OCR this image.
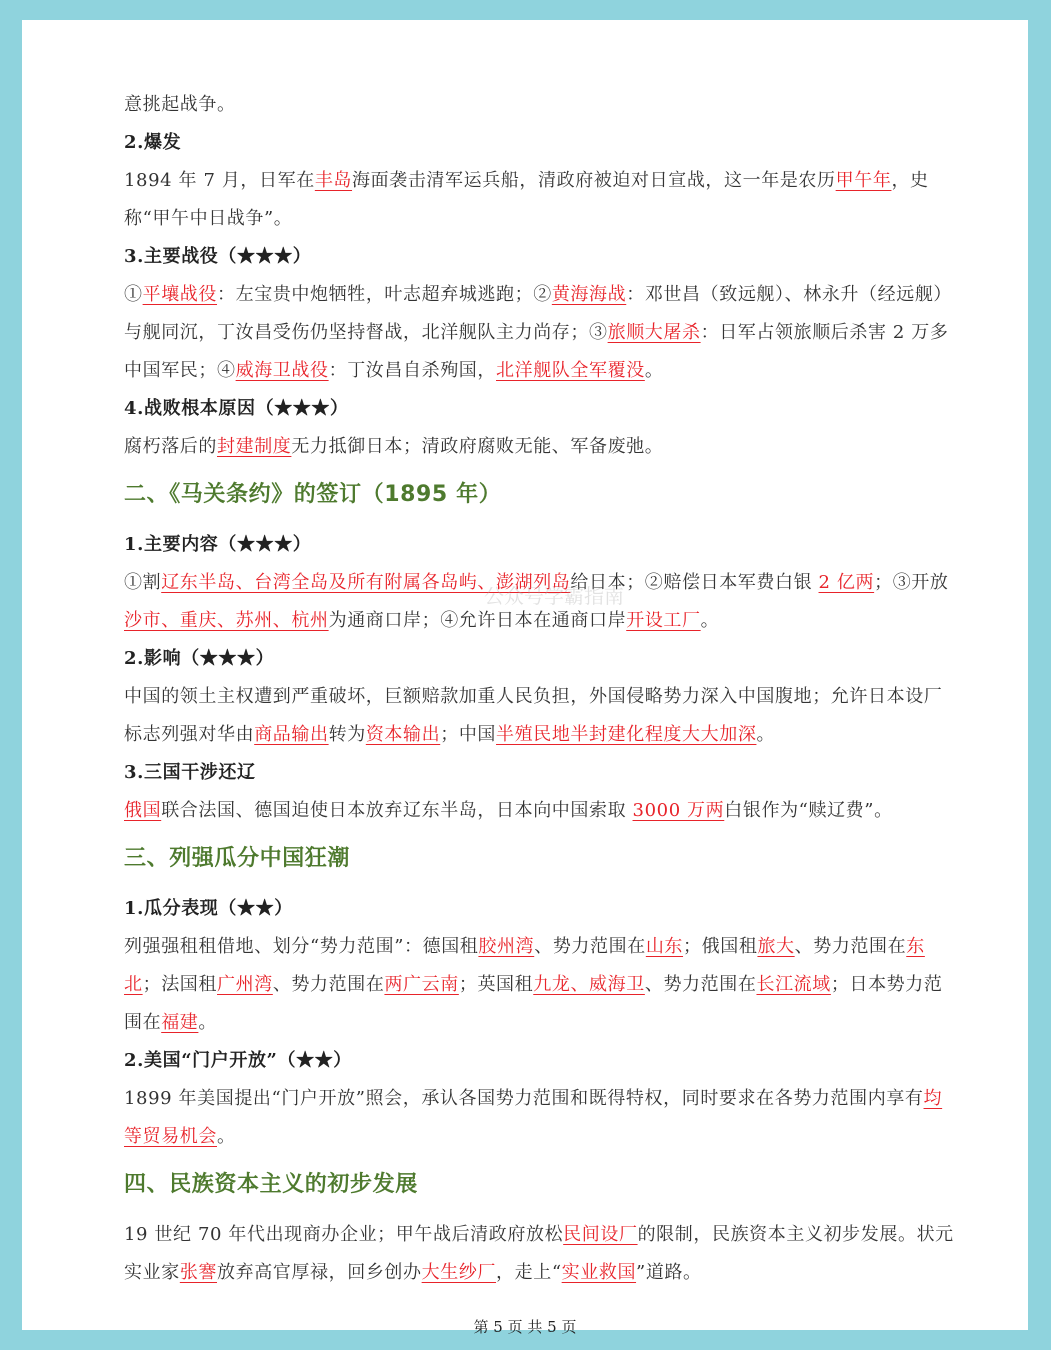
意挑起战争。

2.爆发

1894 年 7 月，日军在丰岛海面袭击清军运兵船，清政府被迫对日宣战，这一年是农历甲午年，史称“甲午中日战争”。

3.主要战役（★★★）

①平壤战役：左宝贵中炮牺牲，叶志超弃城逃跑；②黄海海战：邓世昌（致远舰）、林永升（经远舰）与舰同沉，丁汝昌受伤仍坚持督战，北洋舰队主力尚存；③旅顺大屠杀：日军占领旅顺后杀害 2 万多中国军民；④威海卫战役：丁汝昌自杀殉国，北洋舰队全军覆没。

4.战败根本原因（★★★）

腐朽落后的封建制度无力抵御日本；清政府腐败无能、军备废弛。

二、《马关条约》的签订（1895 年）

1.主要内容（★★★）

①割辽东半岛、台湾全岛及所有附属各岛屿、澎湖列岛给日本；②赔偿日本军费白银 2 亿两；③开放沙市、重庆、苏州、杭州为通商口岸；④允许日本在通商口岸开设工厂。

2.影响（★★★）

中国的领土主权遭到严重破坏，巨额赔款加重人民负担，外国侵略势力深入中国腹地；允许日本设厂标志列强对华由商品输出转为资本输出；中国半殖民地半封建化程度大大加深。

3.三国干涉还辽

俄国联合法国、德国迫使日本放弃辽东半岛，日本向中国索取 3000 万两白银作为“赎辽费”。

三、列强瓜分中国狂潮

1.瓜分表现（★★）

列强强租租借地、划分“势力范围”：德国租胶州湾、势力范围在山东；俄国租旅大、势力范围在东北；法国租广州湾、势力范围在两广云南；英国租九龙、威海卫、势力范围在长江流域；日本势力范围在福建。

2.美国“门户开放”（★★）

1899 年美国提出“门户开放”照会，承认各国势力范围和既得特权，同时要求在各势力范围内享有均等贸易机会。

四、民族资本主义的初步发展

19 世纪 70 年代出现商办企业；甲午战后清政府放松民间设厂的限制，民族资本主义初步发展。状元实业家张謇放弃高官厚禄，回乡创办大生纱厂，走上“实业救国”道路。

公众号学霸指南
第 5 页 共 5 页
